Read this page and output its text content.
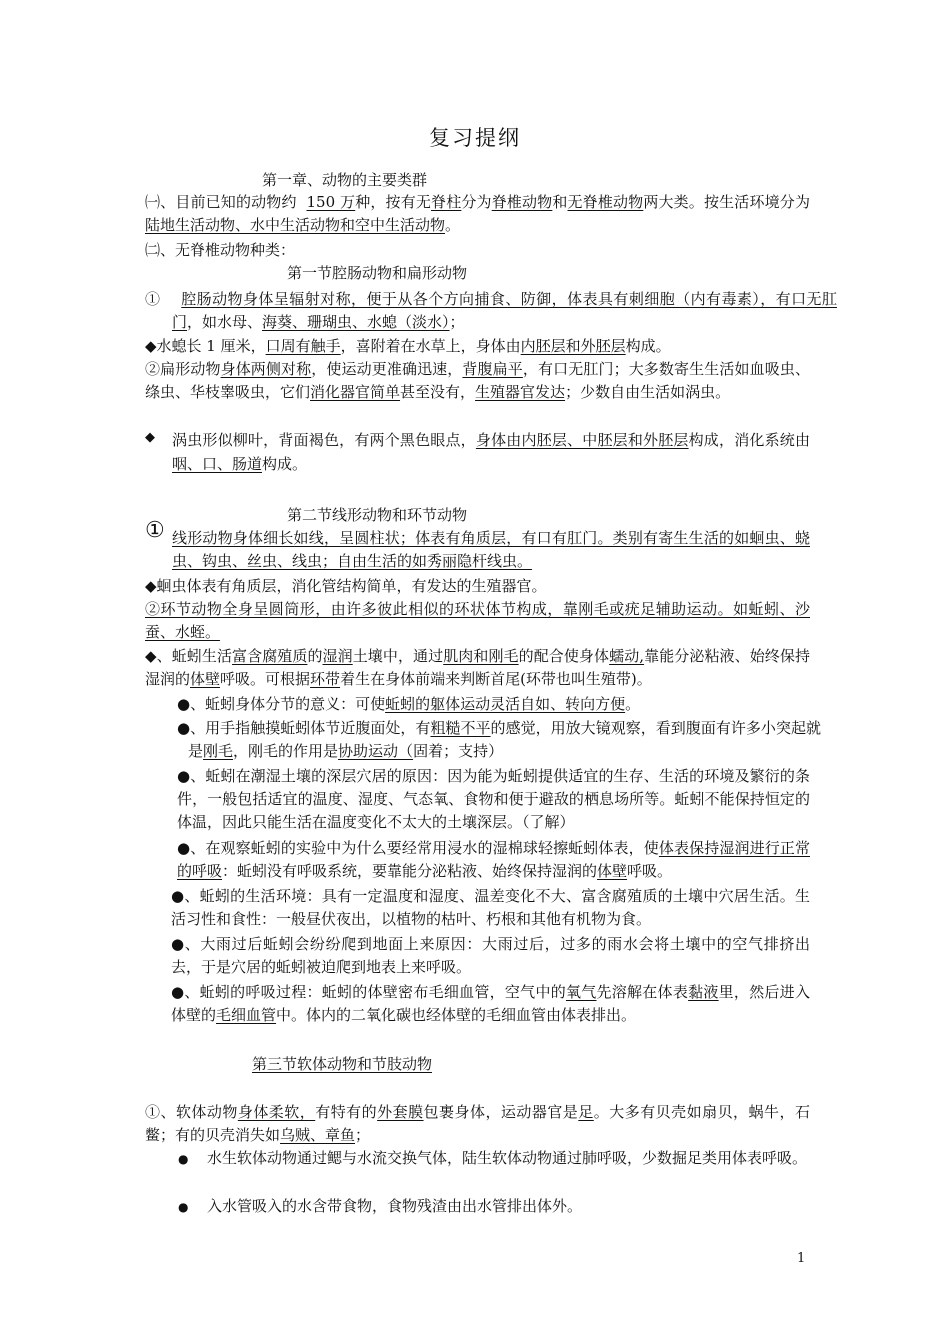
复习提纲
第一章、动物的主要类群
㈠、目前已知的动物约 150 万种，按有无脊柱分为脊椎动物和无脊椎动物两大类。按生活环境分为陆地生活动物、水中生活动物和空中生活动物。
㈡、无脊椎动物种类：
第一节腔肠动物和扁形动物
① 腔肠动物身体呈辐射对称，便于从各个方向捕食、防御，体表具有刺细胞（内有毒素），有口无肛门，如水母、海葵、珊瑚虫、水螅（淡水）；
◆水螅长 1 厘米，口周有触手，喜附着在水草上，身体由内胚层和外胚层构成。
②扁形动物身体两侧对称，使运动更准确迅速，背腹扁平，有口无肛门；大多数寄生生活如血吸虫、绦虫、华枝睾吸虫，它们消化器官简单甚至没有，生殖器官发达；少数自由生活如涡虫。
◆ 涡虫形似柳叶，背面褐色，有两个黑色眼点，身体由内胚层、中胚层和外胚层构成，消化系统由咽、口、肠道构成。
第二节线形动物和环节动物
① 线形动物身体细长如线，呈圆柱状；体表有角质层，有口有肛门。类别有寄生生活的如蛔虫、蛲虫、钩虫、丝虫、线虫；自由生活的如秀丽隐杆线虫。
◆蛔虫体表有角质层，消化管结构简单，有发达的生殖器官。
②环节动物全身呈圆筒形，由许多彼此相似的环状体节构成，靠刚毛或疣足辅助运动。如蚯蚓、沙蚕、水蛭。
◆、蚯蚓生活富含腐殖质的湿润土壤中，通过肌肉和刚毛的配合使身体蠕动,靠能分泌粘液、始终保持湿润的体壁呼吸。可根据环带着生在身体前端来判断首尾(环带也叫生殖带)。
●、蚯蚓身体分节的意义：可使蚯蚓的躯体运动灵活自如、转向方便。
●、用手指触摸蚯蚓体节近腹面处，有粗糙不平的感觉，用放大镜观察，看到腹面有许多小突起就是刚毛，刚毛的作用是协助运动（固着；支持）
●、蚯蚓在潮湿土壤的深层穴居的原因：因为能为蚯蚓提供适宜的生存、生活的环境及繁衍的条件，一般包括适宜的温度、湿度、气态氧、食物和便于避敌的栖息场所等。蚯蚓不能保持恒定的体温，因此只能生活在温度变化不太大的土壤深层。（了解）
●、在观察蚯蚓的实验中为什么要经常用浸水的湿棉球轻擦蚯蚓体表，使体表保持湿润进行正常的呼吸：蚯蚓没有呼吸系统，要靠能分泌粘液、始终保持湿润的体壁呼吸。
●、蚯蚓的生活环境：具有一定温度和湿度、温差变化不大、富含腐殖质的土壤中穴居生活。生活习性和食性：一般昼伏夜出，以植物的枯叶、朽根和其他有机物为食。
●、大雨过后蚯蚓会纷纷爬到地面上来原因：大雨过后，过多的雨水会将土壤中的空气排挤出去，于是穴居的蚯蚓被迫爬到地表上来呼吸。
●、蚯蚓的呼吸过程：蚯蚓的体壁密布毛细血管，空气中的氧气先溶解在体表黏液里，然后进入体壁的毛细血管中。体内的二氧化碳也经体壁的毛细血管由体表排出。
第三节软体动物和节肢动物
①、软体动物身体柔软，有特有的外套膜包裹身体，运动器官是足。大多有贝壳如扇贝，蜗牛，石鳖；有的贝壳消失如乌贼、章鱼；
● 水生软体动物通过鳃与水流交换气体，陆生软体动物通过肺呼吸，少数掘足类用体表呼吸。
● 入水管吸入的水含带食物，食物残渣由出水管排出体外。
1
